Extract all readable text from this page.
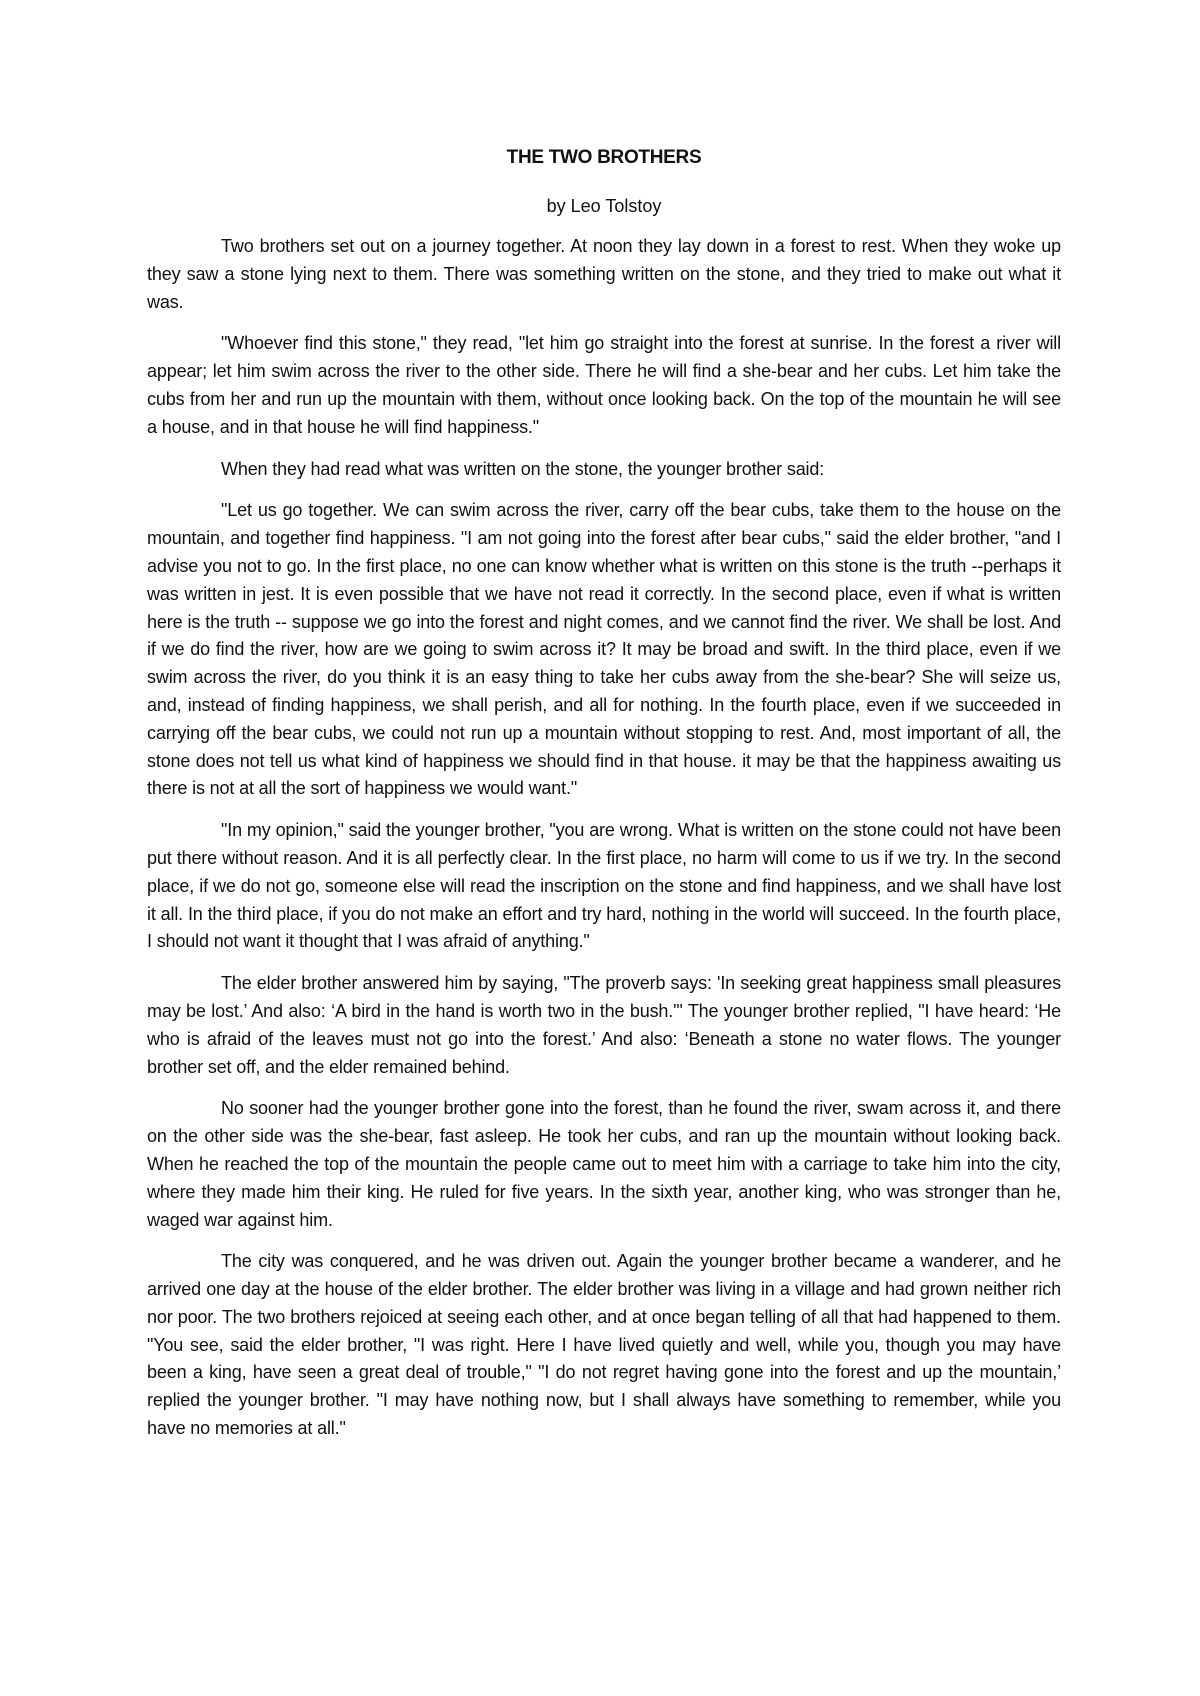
THE TWO BROTHERS

by Leo Tolstoy

Two brothers set out on a journey together. At noon they lay down in a forest to rest. When they woke up they saw a stone lying next to them. There was something written on the stone, and they tried to make out what it was.

"Whoever find this stone," they read, "let him go straight into the forest at sunrise. In the forest a river will appear; let him swim across the river to the other side. There he will find a she-bear and her cubs. Let him take the cubs from her and run up the mountain with them, without once looking back. On the top of the mountain he will see a house, and in that house he will find happiness."

When they had read what was written on the stone, the younger brother said:

"Let us go together. We can swim across the river, carry off the bear cubs, take them to the house on the mountain, and together find happiness. "I am not going into the forest after bear cubs," said the elder brother, "and I advise you not to go. In the first place, no one can know whether what is written on this stone is the truth --perhaps it was written in jest. It is even possible that we have not read it correctly. In the second place, even if what is written here is the truth -- suppose we go into the forest and night comes, and we cannot find the river. We shall be lost. And if we do find the river, how are we going to swim across it? It may be broad and swift. In the third place, even if we swim across the river, do you think it is an easy thing to take her cubs away from the she-bear? She will seize us, and, instead of finding happiness, we shall perish, and all for nothing. In the fourth place, even if we succeeded in carrying off the bear cubs, we could not run up a mountain without stopping to rest. And, most important of all, the stone does not tell us what kind of happiness we should find in that house. it may be that the happiness awaiting us there is not at all the sort of happiness we would want."

"In my opinion," said the younger brother, "you are wrong. What is written on the stone could not have been put there without reason. And it is all perfectly clear. In the first place, no harm will come to us if we try. In the second place, if we do not go, someone else will read the inscription on the stone and find happiness, and we shall have lost it all. In the third place, if you do not make an effort and try hard, nothing in the world will succeed. In the fourth place, I should not want it thought that I was afraid of anything."

The elder brother answered him by saying, "The proverb says: 'In seeking great happiness small pleasures may be lost.’ And also: ‘A bird in the hand is worth two in the bush.'" The younger brother replied, "I have heard: ‘He who is afraid of the leaves must not go into the forest.’ And also: ‘Beneath a stone no water flows. The younger brother set off, and the elder remained behind.

No sooner had the younger brother gone into the forest, than he found the river, swam across it, and there on the other side was the she-bear, fast asleep. He took her cubs, and ran up the mountain without looking back. When he reached the top of the mountain the people came out to meet him with a carriage to take him into the city, where they made him their king. He ruled for five years. In the sixth year, another king, who was stronger than he, waged war against him.

The city was conquered, and he was driven out. Again the younger brother became a wanderer, and he arrived one day at the house of the elder brother. The elder brother was living in a village and had grown neither rich nor poor. The two brothers rejoiced at seeing each other, and at once began telling of all that had happened to them. "You see, said the elder brother, "I was right. Here I have lived quietly and well, while you, though you may have been a king, have seen a great deal of trouble," "I do not regret having gone into the forest and up the mountain,’ replied the younger brother. "I may have nothing now, but I shall always have something to remember, while you have no memories at all."
